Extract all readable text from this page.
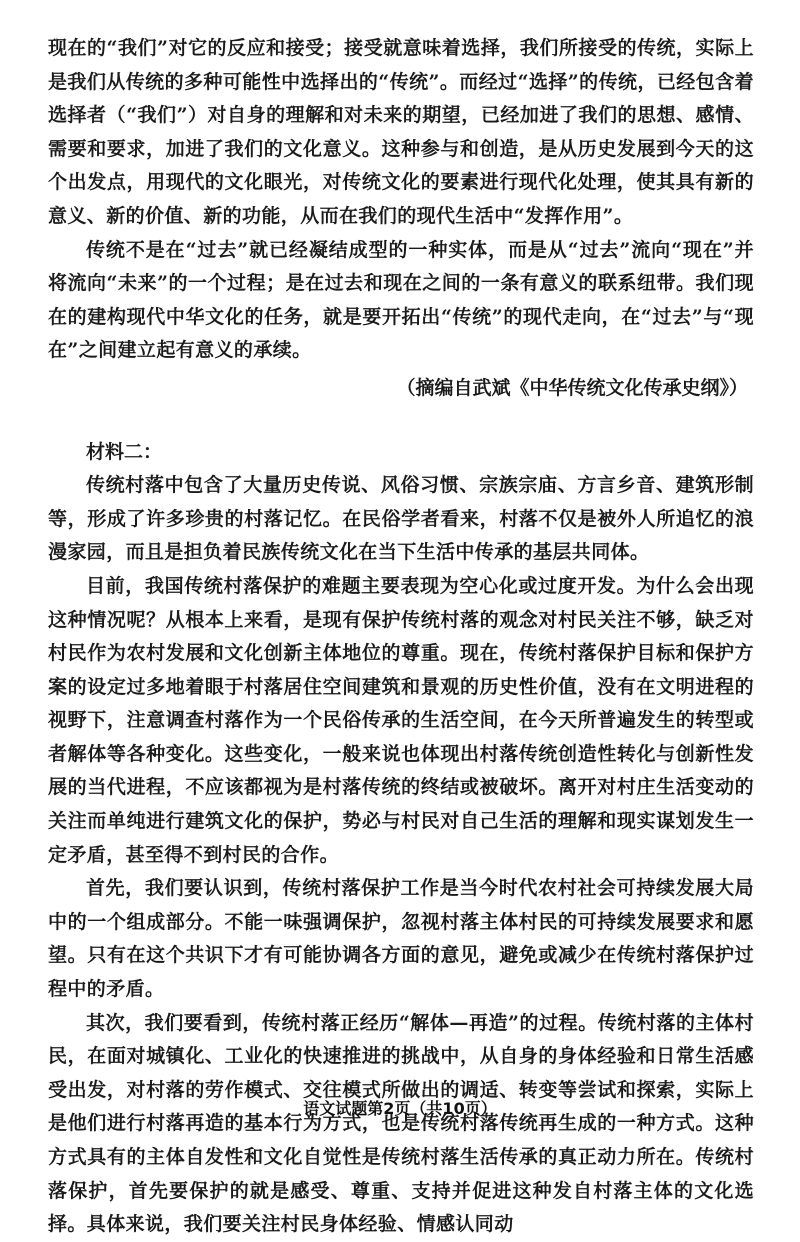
现在的“我们”对它的反应和接受；接受就意味着选择，我们所接受的传统，实际上是我们从传统的多种可能性中选择出的“传统”。而经过“选择”的传统，已经包含着选择者（“我们”）对自身的理解和对未来的期望，已经加进了我们的思想、感情、需要和要求，加进了我们的文化意义。这种参与和创造，是从历史发展到今天的这个出发点，用现代的文化眼光，对传统文化的要素进行现代化处理，使其具有新的意义、新的价值、新的功能，从而在我们的现代生活中“发挥作用”。

传统不是在“过去”就已经凝结成型的一种实体，而是从“过去”流向“现在”并将流向“未来”的一个过程；是在过去和现在之间的一条有意义的联系纽带。我们现在的建构现代中华文化的任务，就是要开拓出“传统”的现代走向，在“过去”与“现在”之间建立起有意义的承续。

（摘编自武斌《中华传统文化传承史纲》）

材料二：

传统村落中包含了大量历史传说、风俗习惯、宗族宗庙、方言乡音、建筑形制等，形成了许多珍贵的村落记忆。在民俗学者看来，村落不仅是被外人所追忆的浪漫家园，而且是担负着民族传统文化在当下生活中传承的基层共同体。

目前，我国传统村落保护的难题主要表现为空心化或过度开发。为什么会出现这种情况呢？从根本上来看，是现有保护传统村落的观念对村民关注不够，缺乏对村民作为农村发展和文化创新主体地位的尊重。现在，传统村落保护目标和保护方案的设定过多地着眼于村落居住空间建筑和景观的历史性价值，没有在文明进程的视野下，注意调查村落作为一个民俗传承的生活空间，在今天所普遍发生的转型或者解体等各种变化。这些变化，一般来说也体现出村落传统创造性转化与创新性发展的当代进程，不应该都视为是村落传统的终结或被破坏。离开对村庄生活变动的关注而单纯进行建筑文化的保护，势必与村民对自己生活的理解和现实谋划发生一定矛盾，甚至得不到村民的合作。

首先，我们要认识到，传统村落保护工作是当今时代农村社会可持续发展大局中的一个组成部分。不能一味强调保护，忽视村落主体村民的可持续发展要求和愿望。只有在这个共识下才有可能协调各方面的意见，避免或减少在传统村落保护过程中的矛盾。

其次，我们要看到，传统村落正经历“解体—再造”的过程。传统村落的主体村民，在面对城镇化、工业化的快速推进的挑战中，从自身的身体经验和日常生活感受出发，对村落的劳作模式、交往模式所做出的调适、转变等尝试和探索，实际上是他们进行村落再造的基本行为方式，也是传统村落传统再生成的一种方式。这种方式具有的主体自发性和文化自觉性是传统村落生活传承的真正动力所在。传统村落保护，首先要保护的就是感受、尊重、支持并促进这种发自村落主体的文化选择。具体来说，我们要关注村民身体经验、情感认同动

语文试题第2页（共10页）
